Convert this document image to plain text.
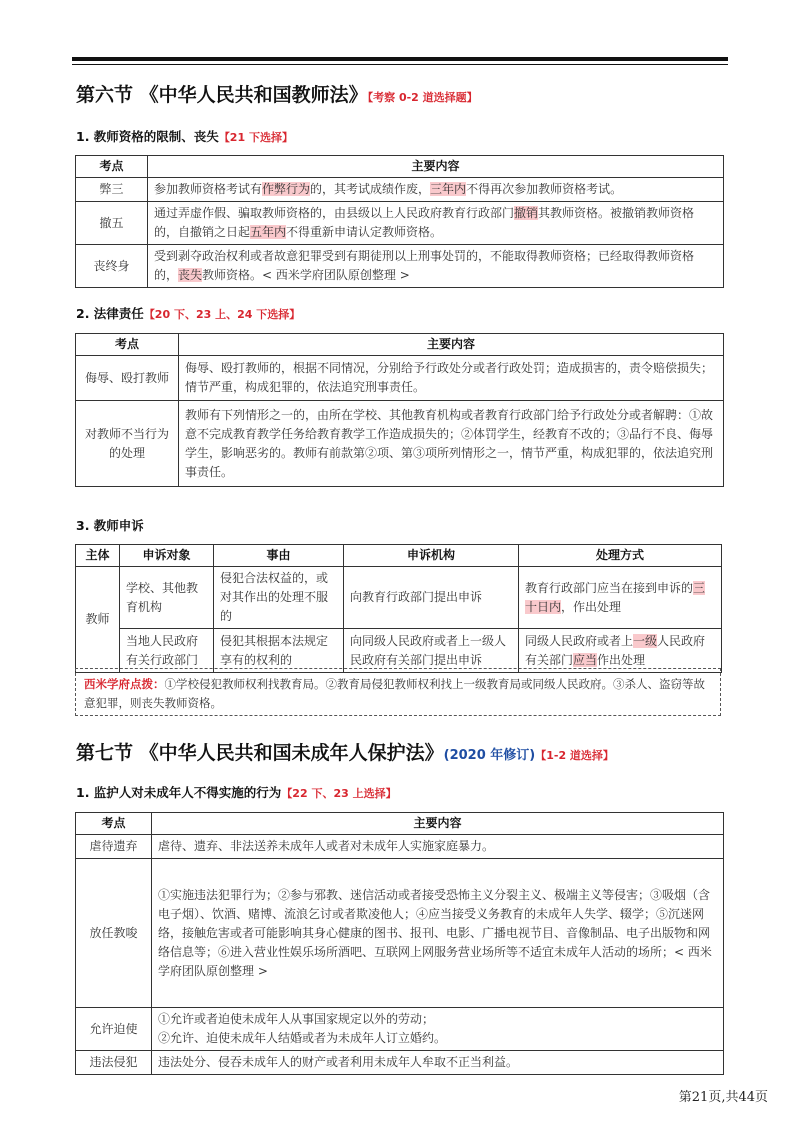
第六节 《中华人民共和国教师法》【考察 0-2 道选择题】
1. 教师资格的限制、丧失【21 下选择】
考点	主要内容
弊三	参加教师资格考试有作弊行为的，其考试成绩作废，三年内不得再次参加教师资格考试。
撤五	通过弄虚作假、骗取教师资格的，由县级以上人民政府教育行政部门撤销其教师资格。被撤销教师资格的，自撤销之日起五年内不得重新申请认定教师资格。
丧终身	受到剥夺政治权利或者故意犯罪受到有期徒刑以上刑事处罚的，不能取得教师资格；已经取得教师资格的，丧失教师资格。< 西米学府团队原创整理 >
2. 法律责任【20 下、23 上、24 下选择】
考点	主要内容
侮辱、殴打教师	侮辱、殴打教师的，根据不同情况，分别给予行政处分或者行政处罚；造成损害的，责令赔偿损失；情节严重，构成犯罪的，依法追究刑事责任。
对教师不当行为的处理	教师有下列情形之一的，由所在学校、其他教育机构或者教育行政部门给予行政处分或者解聘：①故意不完成教育教学任务给教育教学工作造成损失的；②体罚学生，经教育不改的；③品行不良、侮辱学生，影响恶劣的。教师有前款第②项、第③项所列情形之一，情节严重，构成犯罪的，依法追究刑事责任。
3. 教师申诉
主体	申诉对象	事由	申诉机构	处理方式
教师	学校、其他教育机构	侵犯合法权益的，或对其作出的处理不服的	向教育行政部门提出申诉	教育行政部门应当在接到申诉的三十日内，作出处理
	当地人民政府有关行政部门	侵犯其根据本法规定享有的权利的	向同级人民政府或者上一级人民政府有关部门提出申诉	同级人民政府或者上一级人民政府有关部门应当作出处理
西米学府点拨：①学校侵犯教师权利找教育局。②教育局侵犯教师权利找上一级教育局或同级人民政府。③杀人、盗窃等故意犯罪，则丧失教师资格。
第七节 《中华人民共和国未成年人保护法》(2020 年修订)【1-2 道选择】
1. 监护人对未成年人不得实施的行为【22 下、23 上选择】
考点	主要内容
虐待遗弃	虐待、遗弃、非法送养未成年人或者对未成年人实施家庭暴力。
放任教唆	①实施违法犯罪行为；②参与邪教、迷信活动或者接受恐怖主义分裂主义、极端主义等侵害；③吸烟（含电子烟）、饮酒、赌博、流浪乞讨或者欺凌他人；④应当接受义务教育的未成年人失学、辍学；⑤沉迷网络，接触危害或者可能影响其身心健康的图书、报刊、电影、广播电视节目、音像制品、电子出版物和网络信息等；⑥进入营业性娱乐场所酒吧、互联网上网服务营业场所等不适宜未成年人活动的场所；< 西米学府团队原创整理 >
允许迫使	①允许或者迫使未成年人从事国家规定以外的劳动；
②允许、迫使未成年人结婚或者为未成年人订立婚约。

违法侵犯	违法处分、侵吞未成年人的财产或者利用未成年人牟取不正当利益。
第21页,共44页
